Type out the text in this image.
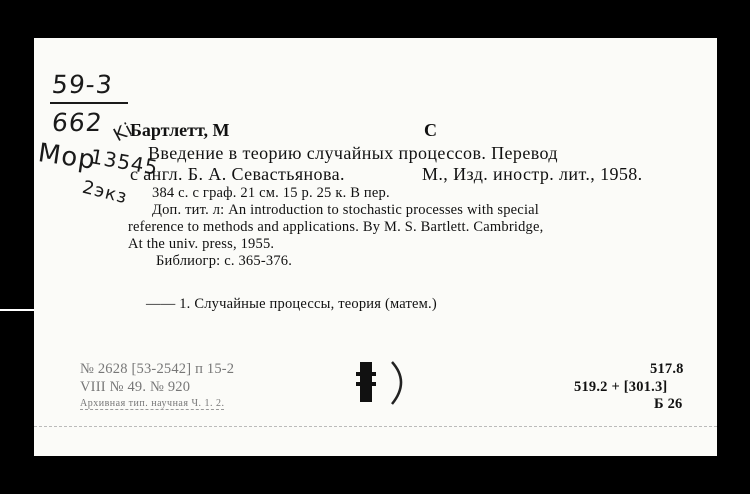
59-3
662 Ki
Мор
13545
2экз
Бартлетт, М	С
Введение в теорию случайных процессов. Перевод
с англ. Б. А. Севастьянова.	М., Изд. иностр. лит., 1958.
384 с. с граф. 21 см. 15 р. 25 к. В пер.
Доп. тит. л: An introduction to stochastic processes with special
reference to methods and applications. By M. S. Bartlett. Cambridge,
At the univ. press, 1955.
Библиогр: с. 365-376.
—— 1. Случайные процессы, теория (матем.)
№ 2628 [53-2542] п 15-2
VIII № 49. № 920
Архивная тип. научная Ч. 1. 2.
517.8
519.2 + [301.3]
Б 26
